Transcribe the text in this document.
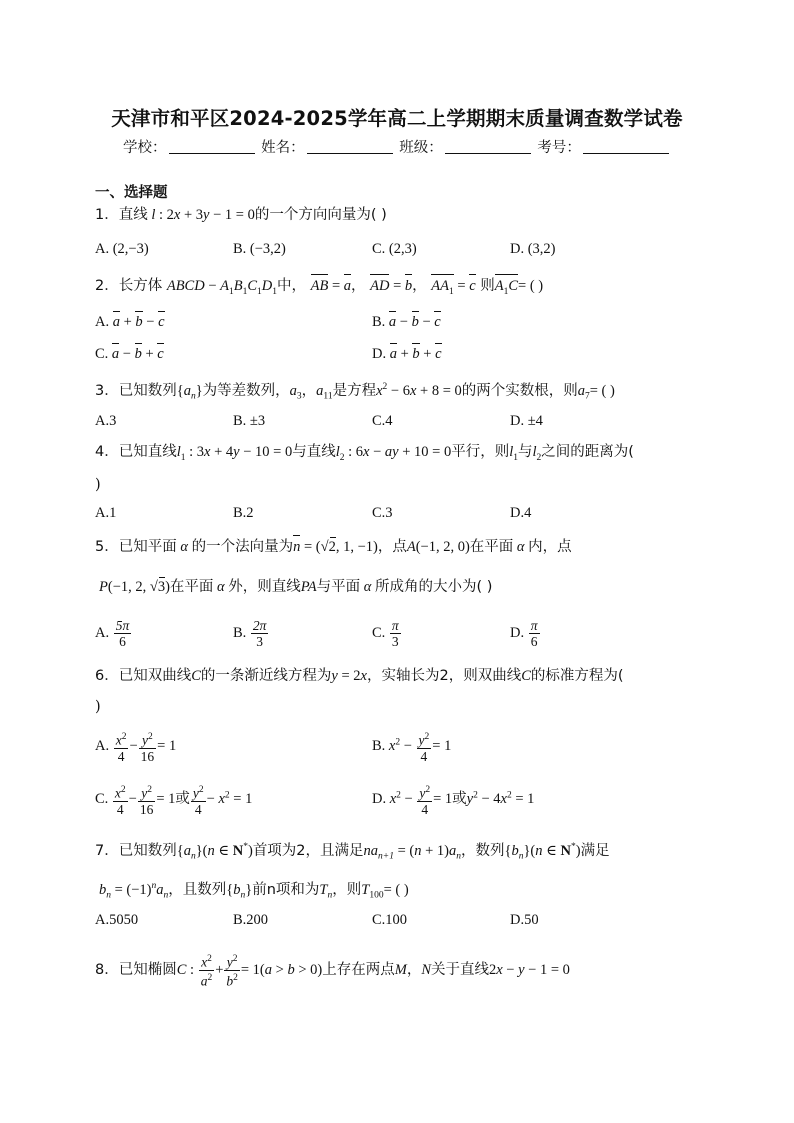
天津市和平区2024-2025学年高二上学期期末质量调查数学试卷
学校：	姓名：	班级：	考号：
一、选择题
1．直线 l : 2x + 3y − 1 = 0的一个方向向量为( )
A. (2,−3)	B. (−3,2)	C. (2,3)	D. (3,2)
2．长方体 ABCD − $A_1B_1C_1D_1$中， AB = a， AD = b， $AA_1 = c$ 则$A_1C=$ ( )
A. a + b − c	B. a − b − c
C. a − b + c	D. a + b + c
3．已知数列$\{a_n\}$为等差数列，$a_3$，$a_{11}$是方程$x^2 - 6x + 8 = 0$的两个实数根，则$a_7=$ ( )
A.3	B. ±3	C.4	D. ±4
4．已知直线$l_1$ : 3x + 4y − 10 = 0与直线$l_2$ : 6x − ay + 10 = 0平行，则$l_1$与$l_2$之间的距离为(
)
A.1	B.2	C.3	D.4
5．已知平面 α 的一个法向量为n = (√2, 1, −1)，点A(−1, 2, 0)在平面 α 内，点
P(−1, 2, √3)在平面 α 外，则直线PA与平面 α 所成角的大小为( )
A. $\frac{5\pi}{6}$	B. $\frac{2\pi}{3}$	C. $\frac{\pi}{3}$	D. $\frac{\pi}{6}$
6．已知双曲线C的一条渐近线方程为y = 2x，实轴长为2，则双曲线C的标准方程为(
)
A. $\frac{x^2}{4} - \frac{y^2}{16} = 1$	B. $x^2 - \frac{y^2}{4} = 1$
C. $\frac{x^2}{4} - \frac{y^2}{16} = 1$或 $\frac{y^2}{4} - x^2 = 1$	D. $x^2 - \frac{y^2}{4} = 1$或$y^2 - 4x^2 = 1$
7．已知数列$\{a_n\}(n$ ∈ N*)首项为2，且满足$na_{n+1} = (n + 1)a_n$，数列$\{b_n\}(n$ ∈ N*)满足
$b_n = (-1)^na_n$，且数列$\{b_n\}$前n项和为$T_n$，则$T_{100}=$ ( )
A.5050	B.200	C.100	D.50
8．已知椭圆C : $\frac{x^2}{a^2} + \frac{y^2}{b^2} = 1(a > b > 0)$上存在两点M，N关于直线2x − y − 1 = 0
